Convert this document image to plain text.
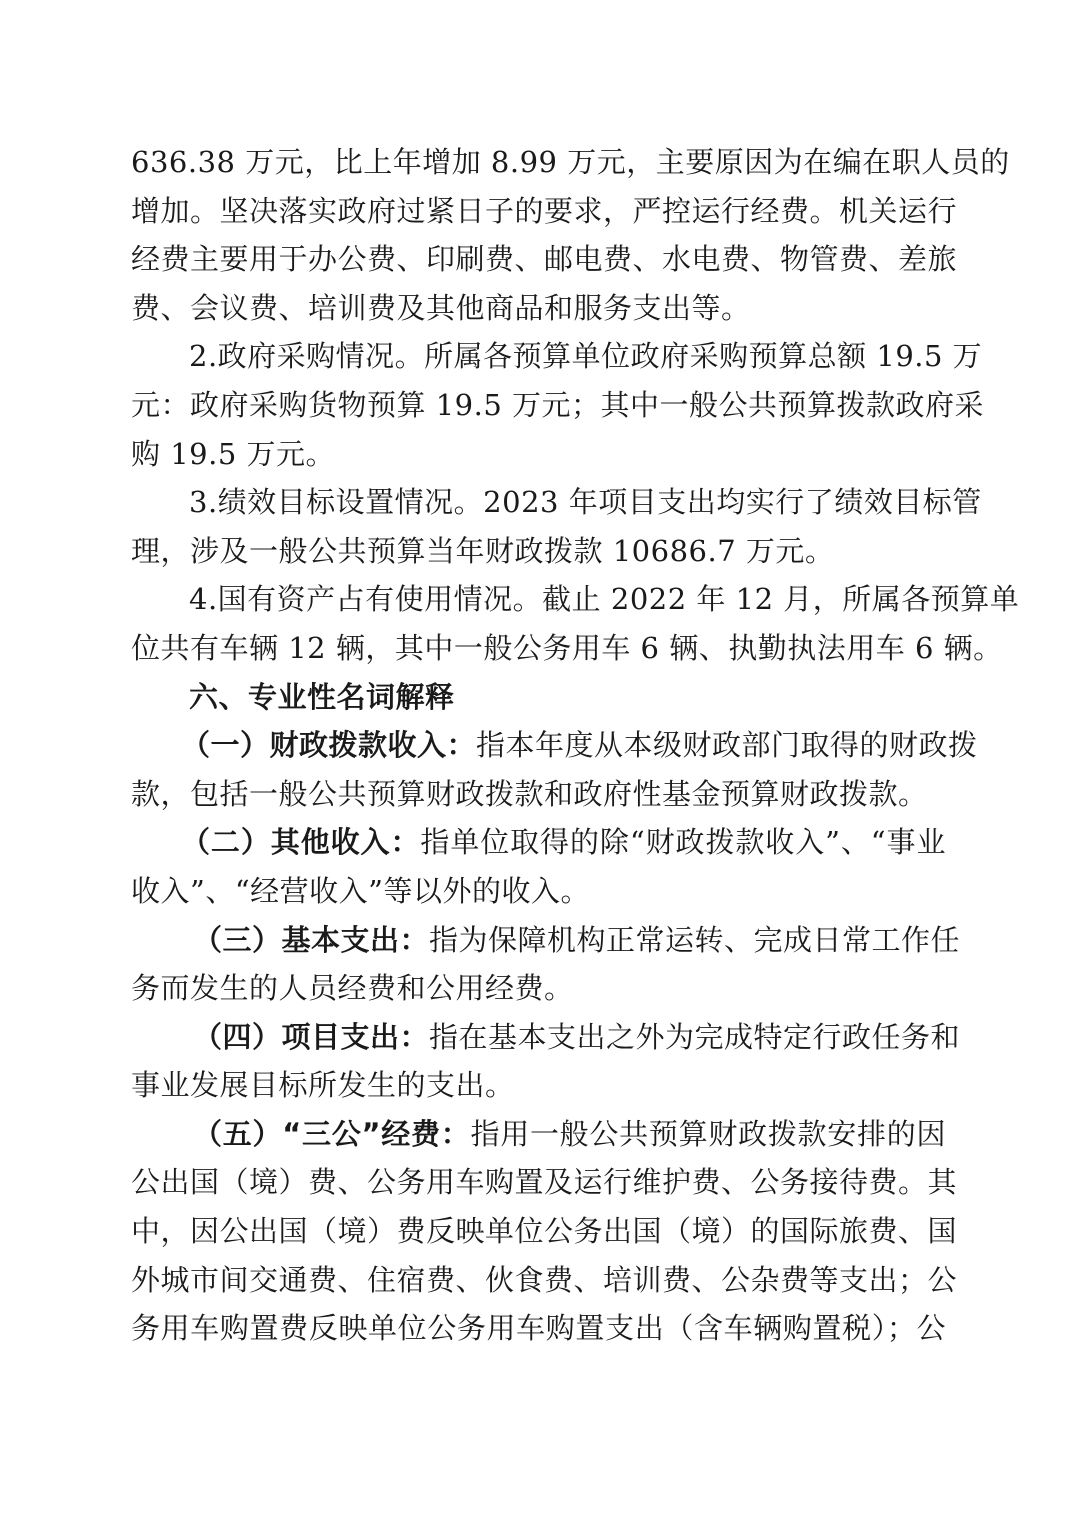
636.38 万元，比上年增加 8.99 万元，主要原因为在编在职人员的
增加。坚决落实政府过紧日子的要求，严控运行经费。机关运行
经费主要用于办公费、印刷费、邮电费、水电费、物管费、差旅
费、会议费、培训费及其他商品和服务支出等。
2.政府采购情况。所属各预算单位政府采购预算总额 19.5 万
元：政府采购货物预算 19.5 万元；其中一般公共预算拨款政府采
购 19.5 万元。
3.绩效目标设置情况。2023 年项目支出均实行了绩效目标管
理，涉及一般公共预算当年财政拨款 10686.7 万元。
4.国有资产占有使用情况。截止 2022 年 12 月，所属各预算单
位共有车辆 12 辆，其中一般公务用车 6 辆、执勤执法用车 6 辆。
六、专业性名词解释
（一）财政拨款收入：指本年度从本级财政部门取得的财政拨
款，包括一般公共预算财政拨款和政府性基金预算财政拨款。
（二）其他收入：指单位取得的除“财政拨款收入”、“事业
收入”、“经营收入”等以外的收入。
（三）基本支出：指为保障机构正常运转、完成日常工作任
务而发生的人员经费和公用经费。
（四）项目支出：指在基本支出之外为完成特定行政任务和
事业发展目标所发生的支出。
（五）“三公”经费：指用一般公共预算财政拨款安排的因
公出国（境）费、公务用车购置及运行维护费、公务接待费。其
中，因公出国（境）费反映单位公务出国（境）的国际旅费、国
外城市间交通费、住宿费、伙食费、培训费、公杂费等支出；公
务用车购置费反映单位公务用车购置支出（含车辆购置税）；公
